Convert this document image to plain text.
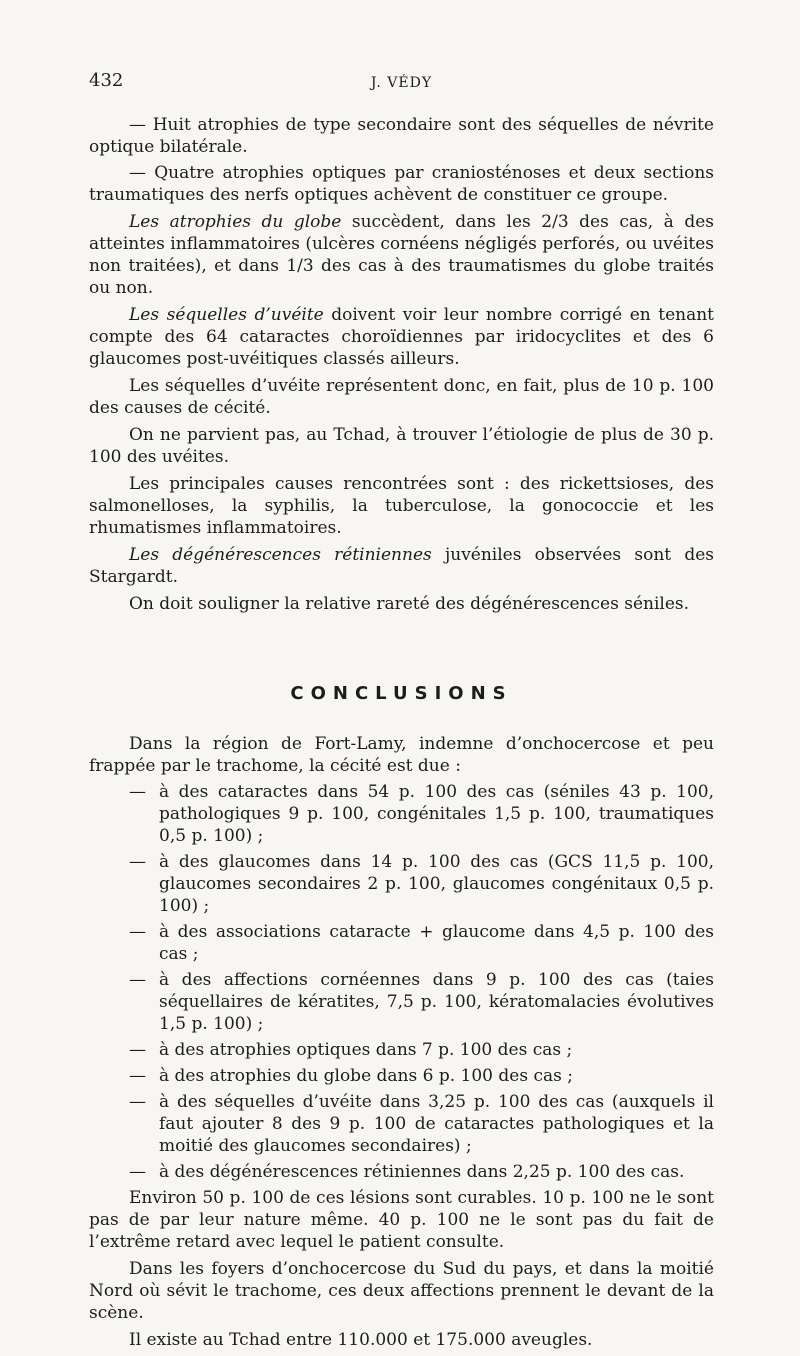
432	J. VÉDY

— Huit atrophies de type secondaire sont des séquelles de névrite optique bilatérale.

— Quatre atrophies optiques par craniosténoses et deux sections traumatiques des nerfs optiques achèvent de constituer ce groupe.

Les atrophies du globe succèdent, dans les 2/3 des cas, à des atteintes inflammatoires (ulcères cornéens négligés perforés, ou uvéites non traitées), et dans 1/3 des cas à des traumatismes du globe traités ou non.

Les séquelles d’uvéite doivent voir leur nombre corrigé en tenant compte des 64 cataractes choroïdiennes par iridocyclites et des 6 glaucomes post-uvéitiques classés ailleurs.

Les séquelles d’uvéite représentent donc, en fait, plus de 10 p. 100 des causes de cécité.

On ne parvient pas, au Tchad, à trouver l’étiologie de plus de 30 p. 100 des uvéites.

Les principales causes rencontrées sont : des rickettsioses, des salmonelloses, la syphilis, la tuberculose, la gonococcie et les rhumatismes inflammatoires.

Les dégénérescences rétiniennes juvéniles observées sont des Stargardt.

On doit souligner la relative rareté des dégénérescences séniles.

CONCLUSIONS

Dans la région de Fort-Lamy, indemne d’onchocercose et peu frappée par le trachome, la cécité est due :

— à des cataractes dans 54 p. 100 des cas (séniles 43 p. 100, pathologiques 9 p. 100, congénitales 1,5 p. 100, traumatiques 0,5 p. 100) ;
— à des glaucomes dans 14 p. 100 des cas (GCS 11,5 p. 100, glaucomes secondaires 2 p. 100, glaucomes congénitaux 0,5 p. 100) ;
— à des associations cataracte + glaucome dans 4,5 p. 100 des cas ;
— à des affections cornéennes dans 9 p. 100 des cas (taies séquellaires de kératites, 7,5 p. 100, kératomalacies évolutives 1,5 p. 100) ;
— à des atrophies optiques dans 7 p. 100 des cas ;
— à des atrophies du globe dans 6 p. 100 des cas ;
— à des séquelles d’uvéite dans 3,25 p. 100 des cas (auxquels il faut ajouter 8 des 9 p. 100 de cataractes pathologiques et la moitié des glaucomes secondaires) ;
— à des dégénérescences rétiniennes dans 2,25 p. 100 des cas.

Environ 50 p. 100 de ces lésions sont curables. 10 p. 100 ne le sont pas de par leur nature même. 40 p. 100 ne le sont pas du fait de l’extrême retard avec lequel le patient consulte.

Dans les foyers d’onchocercose du Sud du pays, et dans la moitié Nord où sévit le trachome, ces deux affections prennent le devant de la scène.

Il existe au Tchad entre 110.000 et 175.000 aveugles.
